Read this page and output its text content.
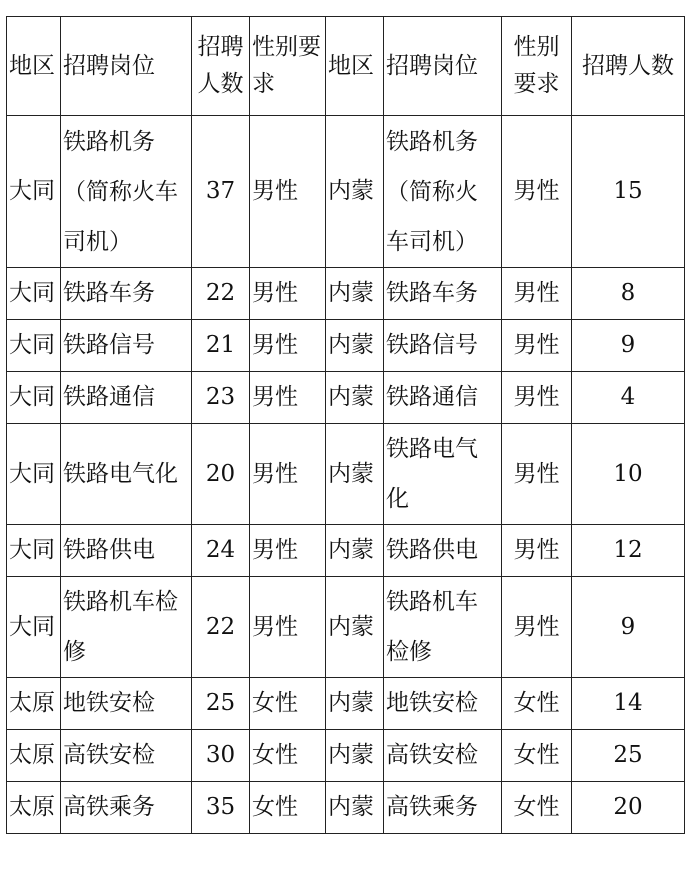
地区	招聘岗位	招聘人数	性别要求	地区	招聘岗位	性别要求	招聘人数
大同	铁路机务（简称火车司机）	37	男性	内蒙	铁路机务（简称火车司机）	男性	15
大同	铁路车务	22	男性	内蒙	铁路车务	男性	8
大同	铁路信号	21	男性	内蒙	铁路信号	男性	9
大同	铁路通信	23	男性	内蒙	铁路通信	男性	4
大同	铁路电气化	20	男性	内蒙	铁路电气化	男性	10
大同	铁路供电	24	男性	内蒙	铁路供电	男性	12
大同	铁路机车检修	22	男性	内蒙	铁路机车检修	男性	9
太原	地铁安检	25	女性	内蒙	地铁安检	女性	14
太原	高铁安检	30	女性	内蒙	高铁安检	女性	25
太原	高铁乘务	35	女性	内蒙	高铁乘务	女性	20
